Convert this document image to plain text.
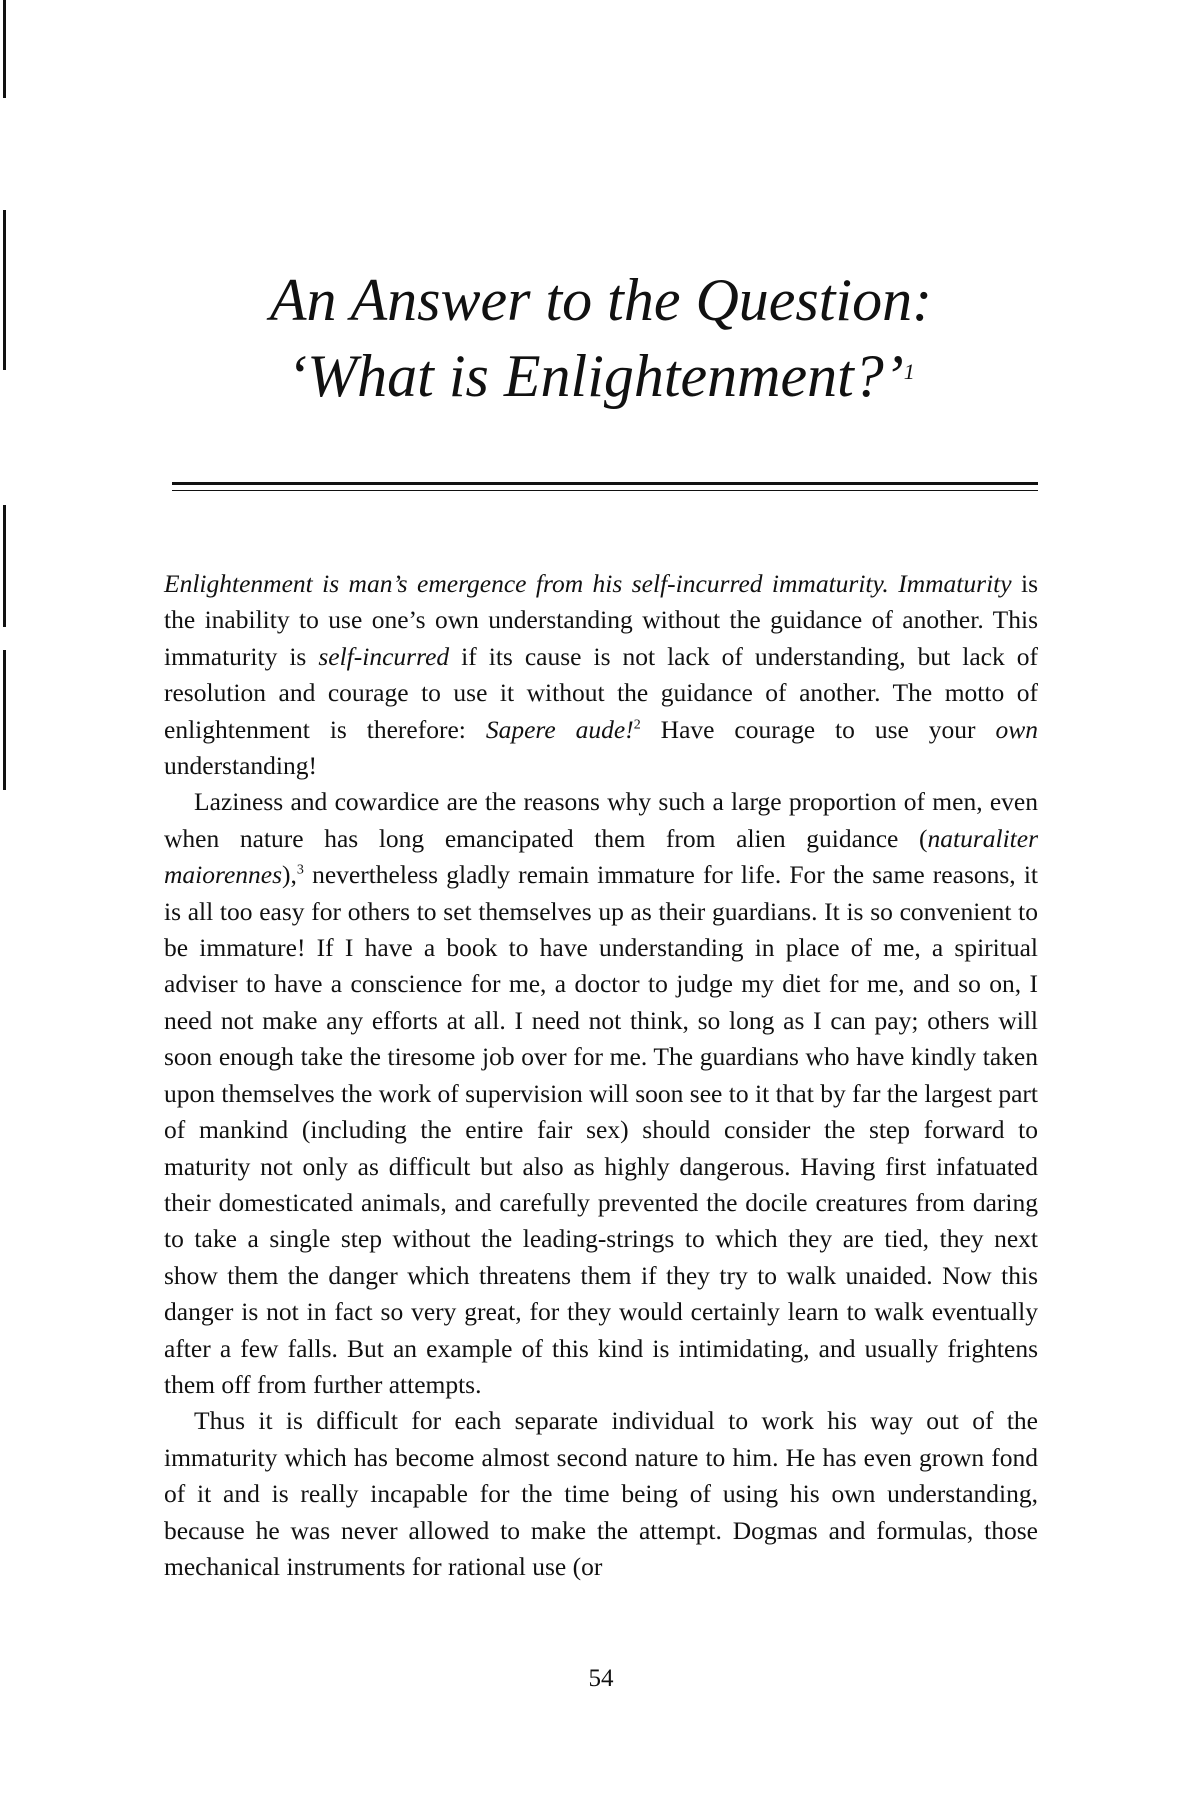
An Answer to the Question:
‘What is Enlightenment?’$^1$

Enlightenment is man’s emergence from his self-incurred immaturity. Immaturity is the inability to use one’s own understanding without the guidance of another. This immaturity is self-incurred if its cause is not lack of understanding, but lack of resolution and courage to use it without the guidance of another. The motto of enlightenment is therefore: Sapere aude!$^2$ Have courage to use your own understanding!

Laziness and cowardice are the reasons why such a large proportion of men, even when nature has long emancipated them from alien guidance (naturaliter maiorennes),$^3$ nevertheless gladly remain immature for life. For the same reasons, it is all too easy for others to set themselves up as their guardians. It is so convenient to be immature! If I have a book to have understanding in place of me, a spiritual adviser to have a conscience for me, a doctor to judge my diet for me, and so on, I need not make any efforts at all. I need not think, so long as I can pay; others will soon enough take the tiresome job over for me. The guardians who have kindly taken upon themselves the work of supervision will soon see to it that by far the largest part of mankind (including the entire fair sex) should consider the step forward to maturity not only as difficult but also as highly dangerous. Having first infatuated their domesticated animals, and carefully prevented the docile creatures from daring to take a single step without the leading-strings to which they are tied, they next show them the danger which threatens them if they try to walk unaided. Now this danger is not in fact so very great, for they would certainly learn to walk eventually after a few falls. But an example of this kind is intimidating, and usually frightens them off from further attempts.

Thus it is difficult for each separate individual to work his way out of the immaturity which has become almost second nature to him. He has even grown fond of it and is really incapable for the time being of using his own understanding, because he was never allowed to make the attempt. Dogmas and formulas, those mechanical instruments for rational use (or

54
